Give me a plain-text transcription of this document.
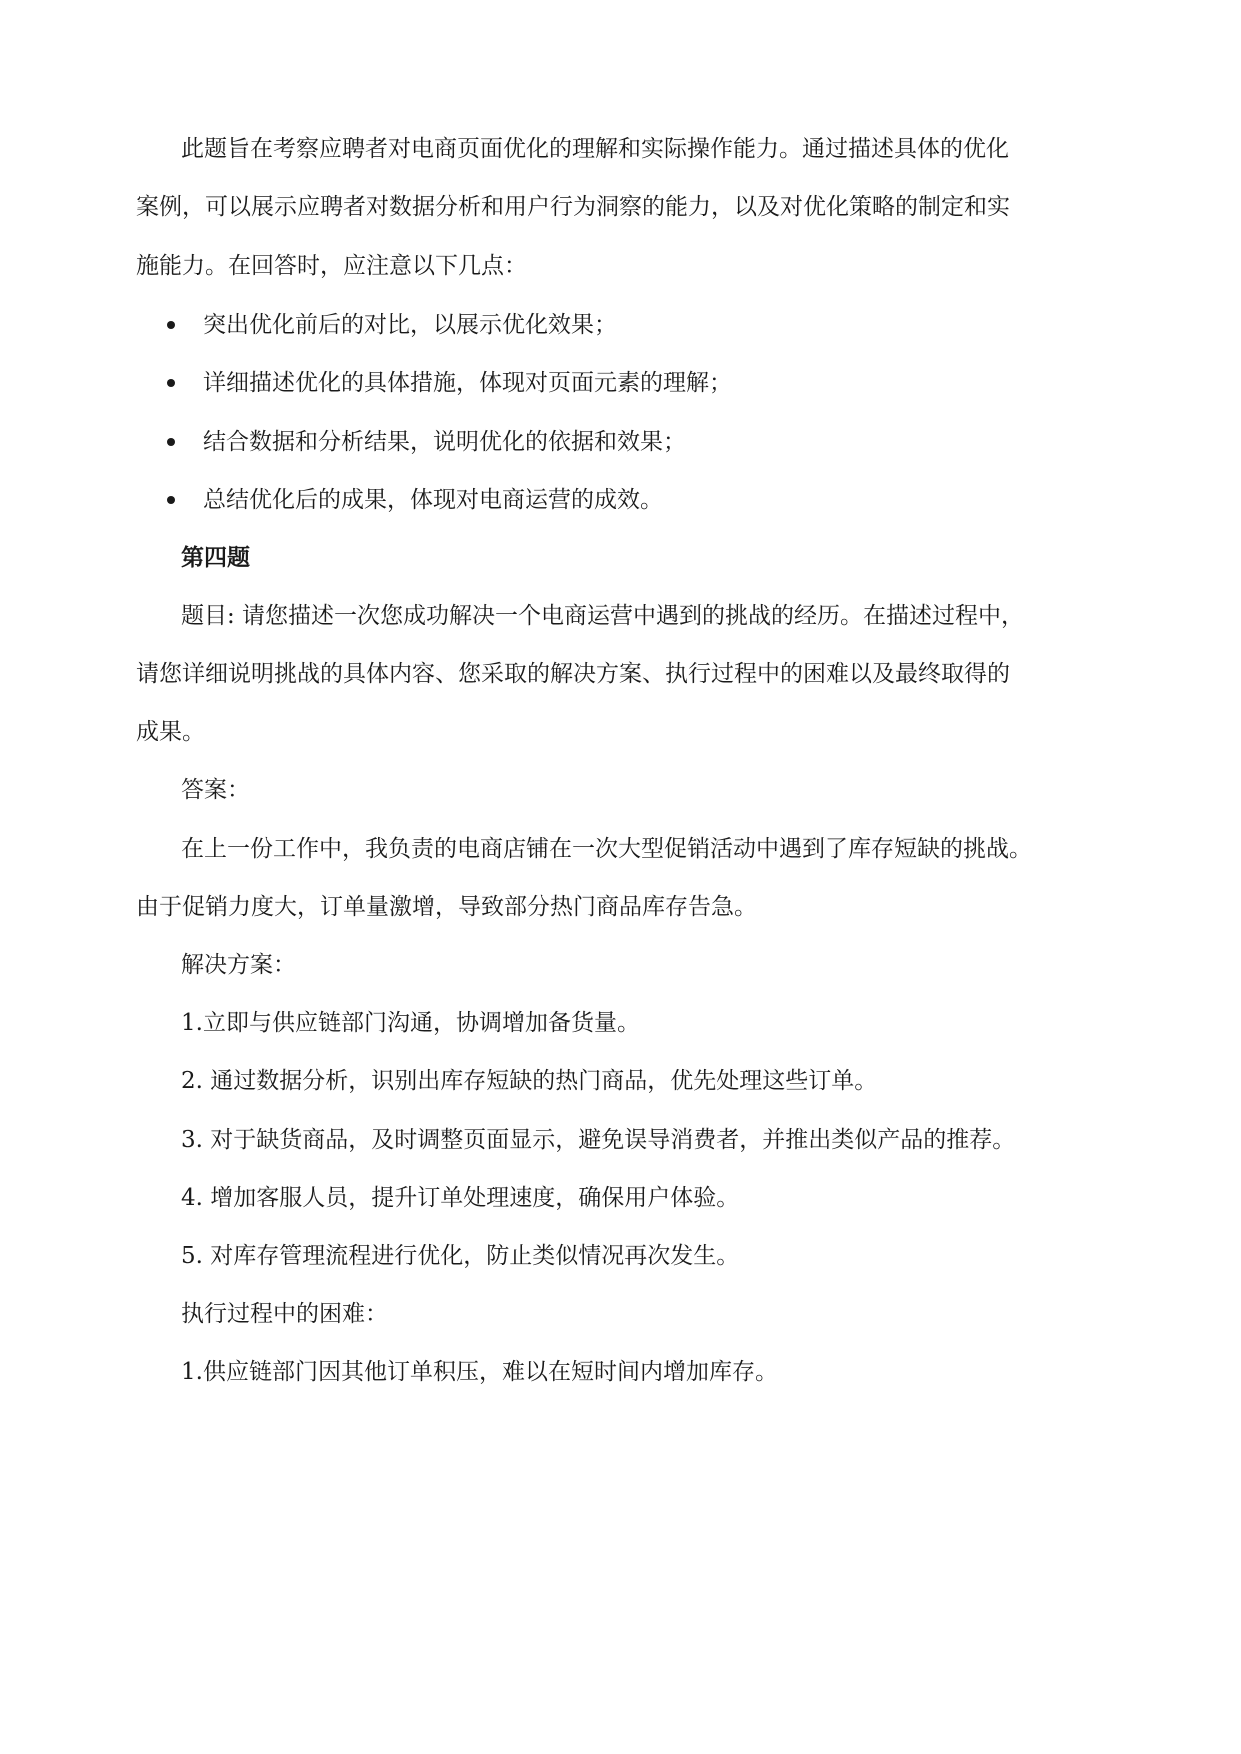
此题旨在考察应聘者对电商页面优化的理解和实际操作能力。通过描述具体的优化
案例，可以展示应聘者对数据分析和用户行为洞察的能力，以及对优化策略的制定和实
施能力。在回答时，应注意以下几点：
突出优化前后的对比，以展示优化效果；
详细描述优化的具体措施，体现对页面元素的理解；
结合数据和分析结果，说明优化的依据和效果；
总结优化后的成果，体现对电商运营的成效。
第四题
题目: 请您描述一次您成功解决一个电商运营中遇到的挑战的经历。在描述过程中，
请您详细说明挑战的具体内容、您采取的解决方案、执行过程中的困难以及最终取得的
成果。
答案：
在上一份工作中，我负责的电商店铺在一次大型促销活动中遇到了库存短缺的挑战。
由于促销力度大，订单量激增，导致部分热门商品库存告急。
解决方案：
1.立即与供应链部门沟通，协调增加备货量。
2. 通过数据分析，识别出库存短缺的热门商品，优先处理这些订单。
3. 对于缺货商品，及时调整页面显示，避免误导消费者，并推出类似产品的推荐。
4. 增加客服人员，提升订单处理速度，确保用户体验。
5. 对库存管理流程进行优化，防止类似情况再次发生。
执行过程中的困难：
1.供应链部门因其他订单积压，难以在短时间内增加库存。
